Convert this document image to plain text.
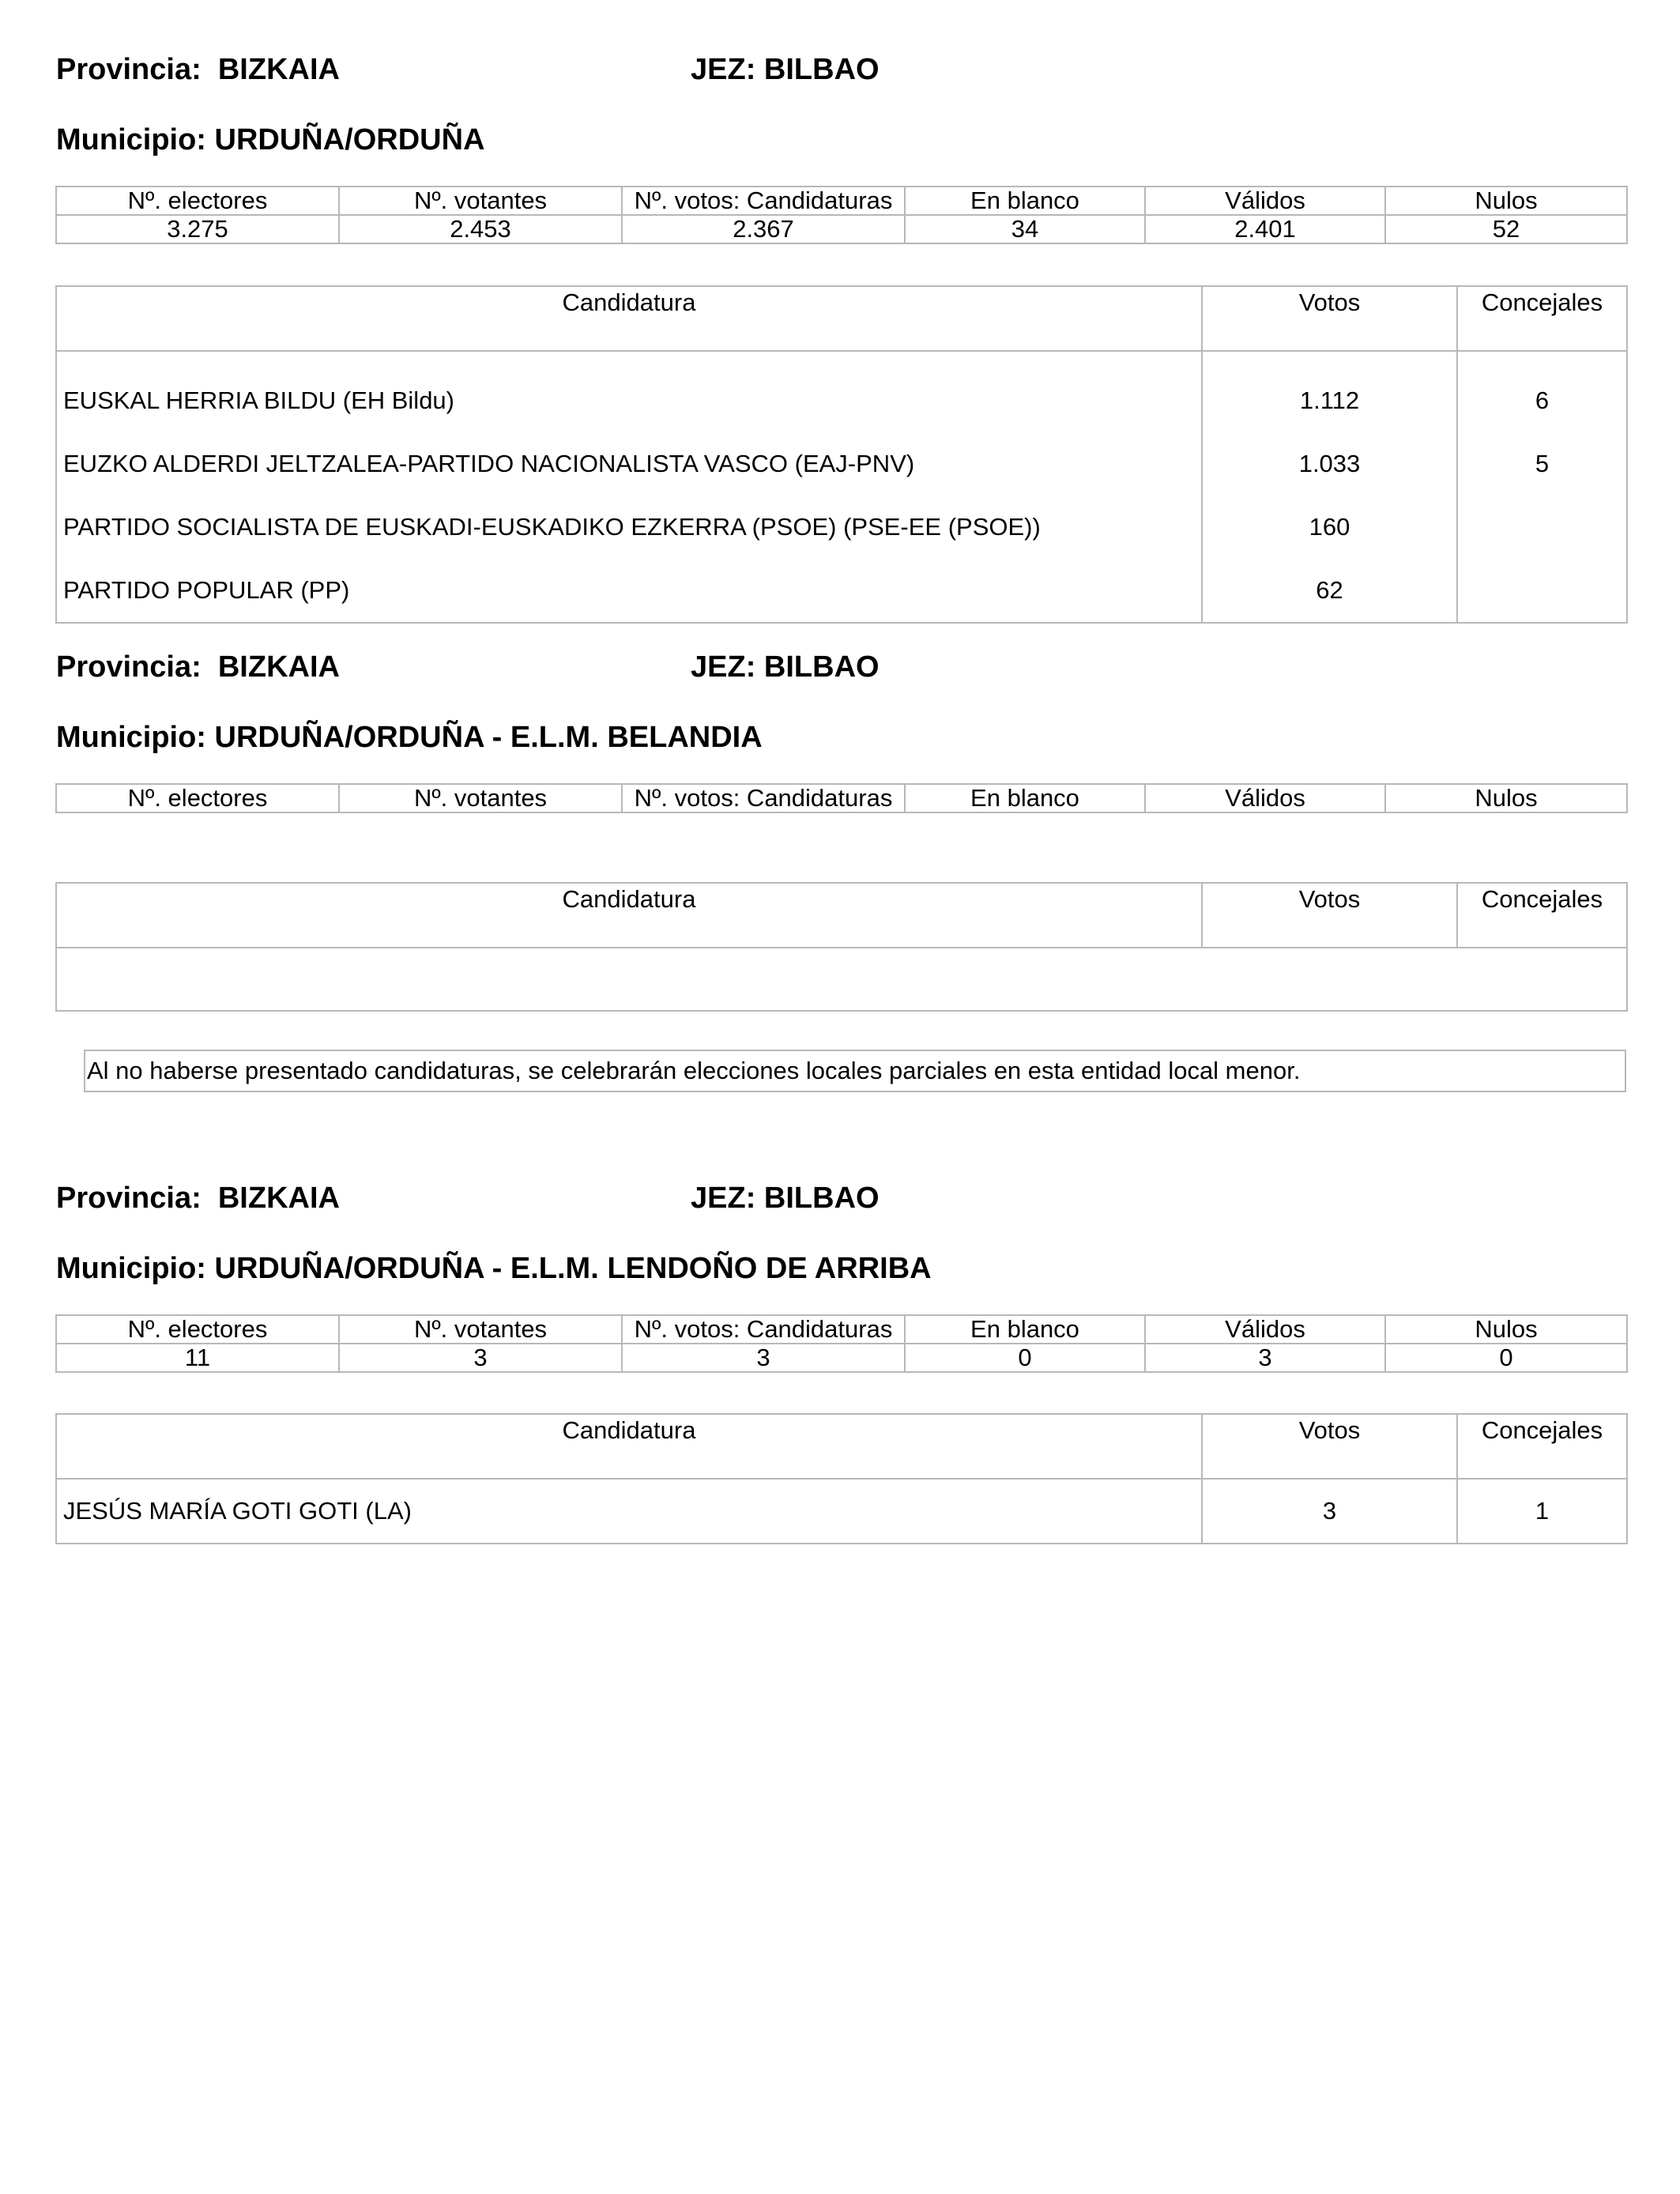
Provincia: BIZKAIA	JEZ: BILBAO
Municipio: URDUÑA/ORDUÑA
Nº. electores	Nº. votantes	Nº. votos: Candidaturas	En blanco	Válidos	Nulos
3.275	2.453	2.367	34	2.401	52
Candidatura	Votos	Concejales
EUSKAL HERRIA BILDU (EH Bildu)	1.112	6
EUZKO ALDERDI JELTZALEA-PARTIDO NACIONALISTA VASCO (EAJ-PNV)	1.033	5
PARTIDO SOCIALISTA DE EUSKADI-EUSKADIKO EZKERRA (PSOE) (PSE-EE (PSOE))	160	
PARTIDO POPULAR (PP)	62	
Provincia: BIZKAIA	JEZ: BILBAO
Municipio: URDUÑA/ORDUÑA - E.L.M. BELANDIA
Nº. electores	Nº. votantes	Nº. votos: Candidaturas	En blanco	Válidos	Nulos
Candidatura	Votos	Concejales

Al no haberse presentado candidaturas, se celebrarán elecciones locales parciales en esta entidad local menor.
Provincia: BIZKAIA	JEZ: BILBAO
Municipio: URDUÑA/ORDUÑA - E.L.M. LENDOÑO DE ARRIBA
Nº. electores	Nº. votantes	Nº. votos: Candidaturas	En blanco	Válidos	Nulos
11	3	3	0	3	0
Candidatura	Votos	Concejales
JESÚS MARÍA GOTI GOTI (LA)	3	1
